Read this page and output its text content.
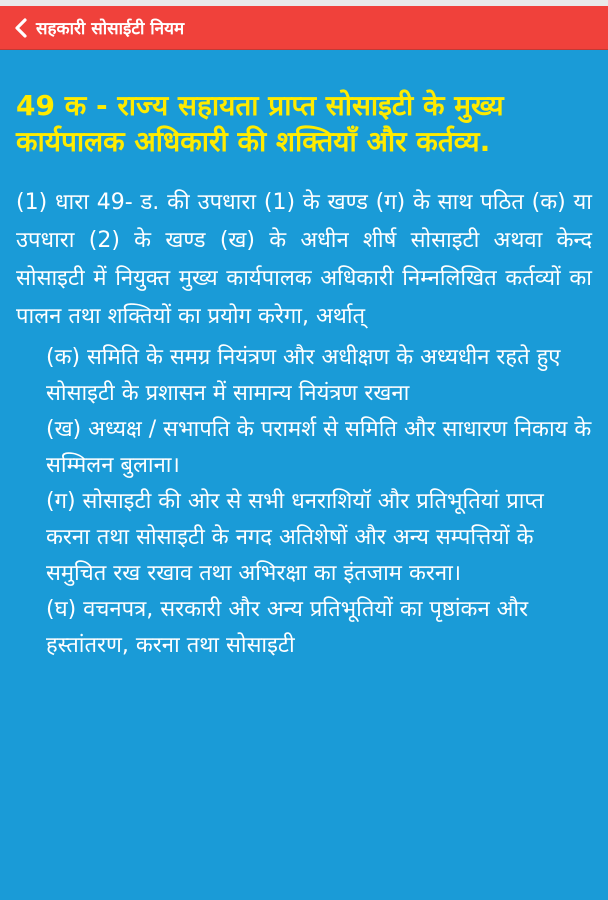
सहकारी सोसाईटी नियम
49 क - राज्य सहायता प्राप्त सोसाइटी के मुख्य कार्यपालक अधिकारी की शक्तियाँ और कर्तव्य.

(1) धारा 49- ड. की उपधारा (1) के खण्ड (ग) के साथ पठित (क) या उपधारा (2) के खण्ड (ख) के अधीन शीर्ष सोसाइटी अथवा केन्द सोसाइटी में नियुक्त मुख्य कार्यपालक अधिकारी निम्नलिखित कर्तव्यों का पालन तथा शक्तियों का प्रयोग करेगा, अर्थात्

(क) समिति के समग्र नियंत्रण और अधीक्षण के अध्यधीन रहते हुए सोसाइटी के प्रशासन में सामान्य नियंत्रण रखना
(ख) अध्यक्ष / सभापति के परामर्श से समिति और साधारण निकाय के सम्मिलन बुलाना।
(ग) सोसाइटी की ओर से सभी धनराशियॉ और प्रतिभूतियां प्राप्त करना तथा सोसाइटी के नगद अतिशेषों और अन्य सम्पत्तियों के समुचित रख रखाव तथा अभिरक्षा का इंतजाम करना।
(घ) वचनपत्र, सरकारी और अन्य प्रतिभूतियों का पृष्ठांकन और हस्तांतरण, करना तथा सोसाइटी
